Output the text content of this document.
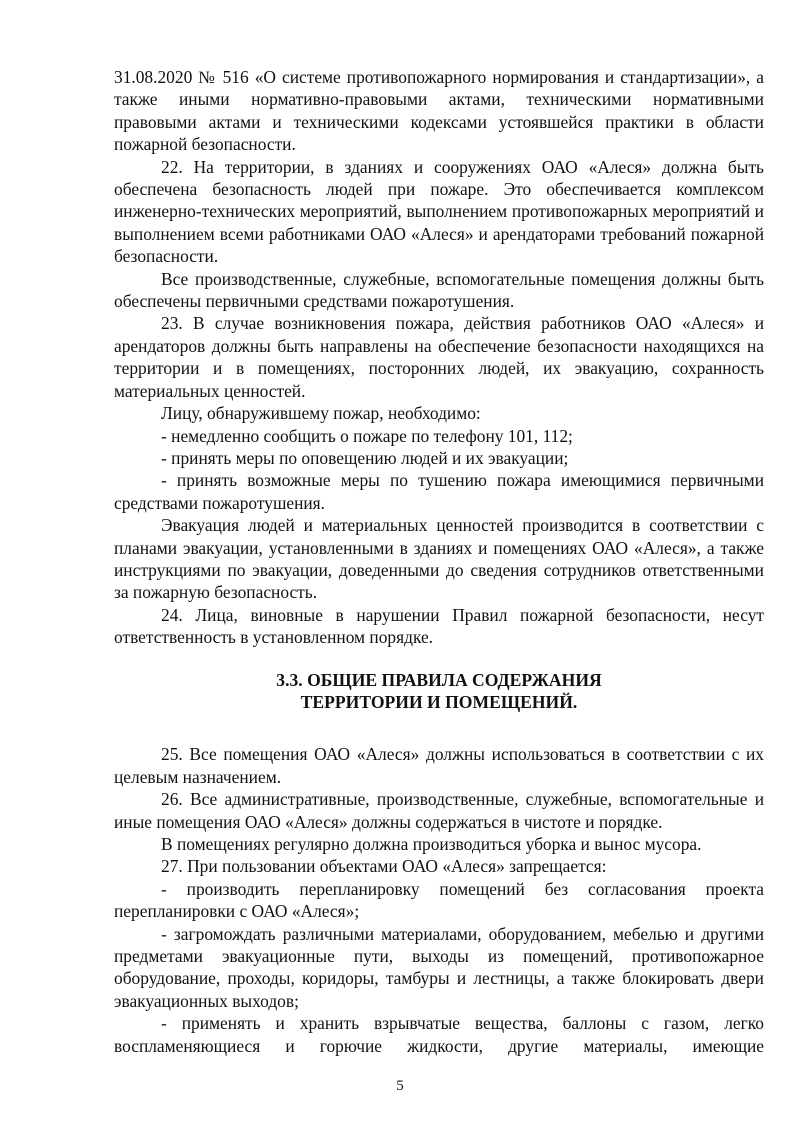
31.08.2020 № 516 «О системе противопожарного нормирования и стандартизации», а также иными нормативно-правовыми актами, техническими нормативными правовыми актами и техническими кодексами устоявшейся практики в области пожарной безопасности.

22. На территории, в зданиях и сооружениях ОАО «Алеся» должна быть обеспечена безопасность людей при пожаре. Это обеспечивается комплексом инженерно-технических мероприятий, выполнением противопожарных мероприятий и выполнением всеми работниками ОАО «Алеся» и арендаторами требований пожарной безопасности.

Все производственные, служебные, вспомогательные помещения должны быть обеспечены первичными средствами пожаротушения.

23. В случае возникновения пожара, действия работников ОАО «Алеся» и арендаторов должны быть направлены на обеспечение безопасности находящихся на территории и в помещениях, посторонних людей, их эвакуацию, сохранность материальных ценностей.

Лицу, обнаружившему пожар, необходимо:

- немедленно сообщить о пожаре по телефону 101, 112;

- принять меры по оповещению людей и их эвакуации;

- принять возможные меры по тушению пожара имеющимися первичными средствами пожаротушения.

Эвакуация людей и материальных ценностей производится в соответствии с планами эвакуации, установленными в зданиях и помещениях ОАО «Алеся», а также инструкциями по эвакуации, доведенными до сведения сотрудников ответственными за пожарную безопасность.

24. Лица, виновные в нарушении Правил пожарной безопасности, несут ответственность в установленном порядке.

3.3. ОБЩИЕ ПРАВИЛА СОДЕРЖАНИЯ
ТЕРРИТОРИИ И ПОМЕЩЕНИЙ.

25. Все помещения ОАО «Алеся» должны использоваться в соответствии с их целевым назначением.

26. Все административные, производственные, служебные, вспомогательные и иные помещения ОАО «Алеся» должны содержаться в чистоте и порядке.

В помещениях регулярно должна производиться уборка и вынос мусора.

27. При пользовании объектами ОАО «Алеся» запрещается:

- производить перепланировку помещений без согласования проекта перепланировки с ОАО «Алеся»;

- загромождать различными материалами, оборудованием, мебелью и другими предметами эвакуационные пути, выходы из помещений, противопожарное оборудование, проходы, коридоры, тамбуры и лестницы, а также блокировать двери эвакуационных выходов;

- применять и хранить взрывчатые вещества, баллоны с газом, легко воспламеняющиеся и горючие жидкости, другие материалы, имеющие

5
